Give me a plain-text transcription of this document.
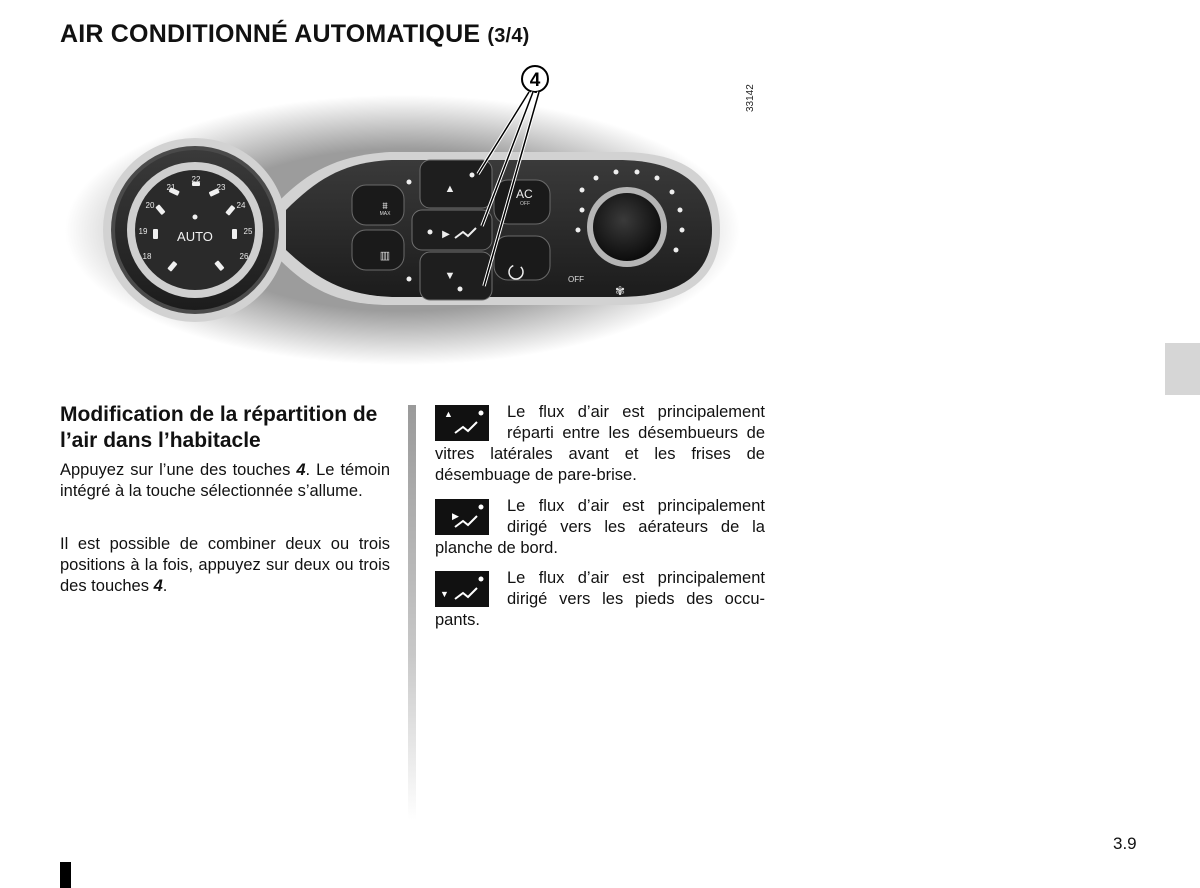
AIR CONDITIONNÉ AUTOMATIQUE (3/4)
18
19
20
21
22
23
24
25
26
AUTO
⩩
MAX
▥
▲
▶
▼
AC
OFF
OFF
✾
4
33142
Modification de la répartition de l’air dans l’habitacle
Appuyez sur l’une des touches 4. Le témoin intégré à la touche sélectionnée s’allume.
Il est possible de combiner deux ou trois positions à la fois, appuyez sur deux ou trois des touches 4.
▲	Le flux d’air est principalement réparti entre les désembueurs de vitres latérales avant et les frises de désembuage de pare-brise.
▶
Le flux d’air est principalement dirigé vers les aérateurs de la planche de bord.
▼
Le flux d’air est principalement dirigé vers les pieds des occu-pants.
3.9
